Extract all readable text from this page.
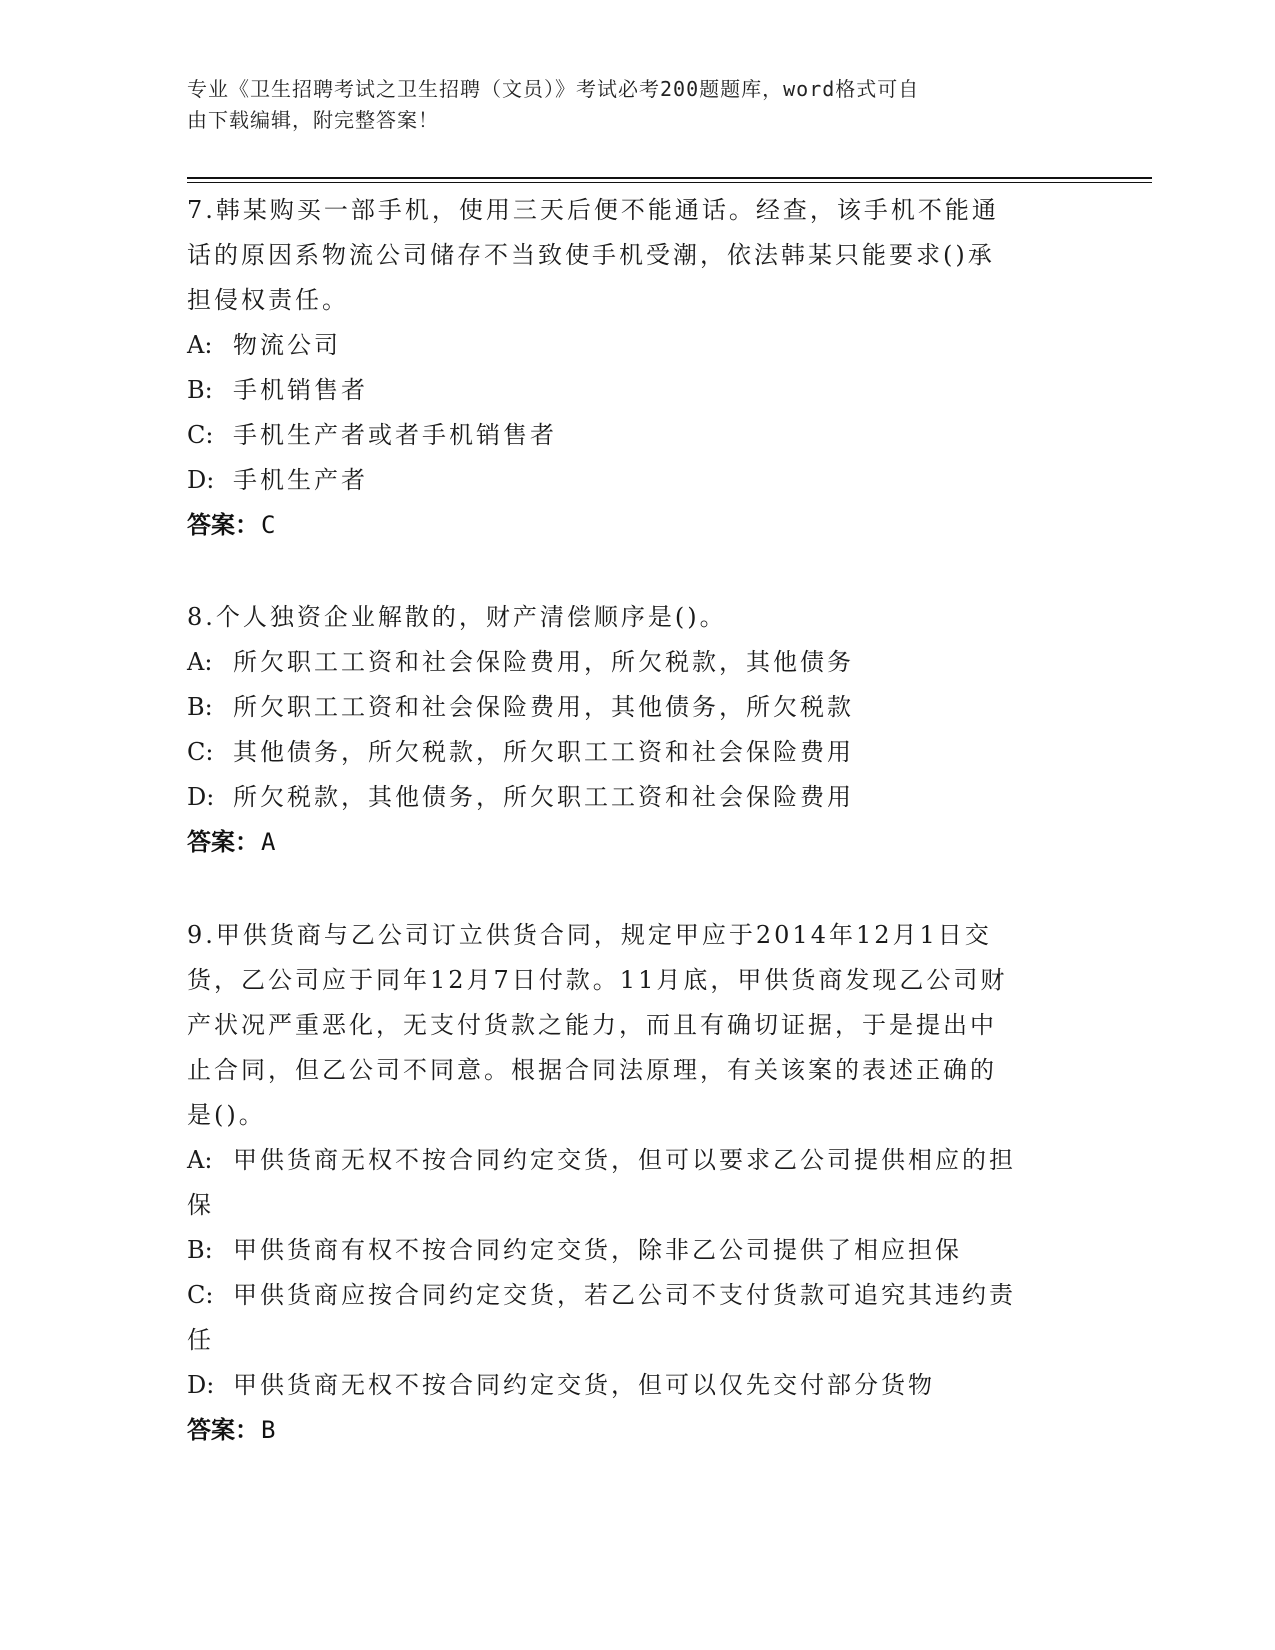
专业《卫生招聘考试之卫生招聘（文员）》考试必考200题题库，word格式可自

由下载编辑，附完整答案！

7.韩某购买一部手机，使用三天后便不能通话。经查，该手机不能通

话的原因系物流公司储存不当致使手机受潮，依法韩某只能要求()承

担侵权责任。

A: 物流公司

B: 手机销售者

C: 手机生产者或者手机销售者

D: 手机生产者

答案：C

8.个人独资企业解散的，财产清偿顺序是()。

A: 所欠职工工资和社会保险费用，所欠税款，其他债务

B: 所欠职工工资和社会保险费用，其他债务，所欠税款

C: 其他债务，所欠税款，所欠职工工资和社会保险费用

D: 所欠税款，其他债务，所欠职工工资和社会保险费用

答案：A

9.甲供货商与乙公司订立供货合同，规定甲应于2014年12月1日交

货，乙公司应于同年12月7日付款。11月底，甲供货商发现乙公司财

产状况严重恶化，无支付货款之能力，而且有确切证据，于是提出中

止合同，但乙公司不同意。根据合同法原理，有关该案的表述正确的

是()。

A: 甲供货商无权不按合同约定交货，但可以要求乙公司提供相应的担

保

B: 甲供货商有权不按合同约定交货，除非乙公司提供了相应担保

C: 甲供货商应按合同约定交货，若乙公司不支付货款可追究其违约责

任

D: 甲供货商无权不按合同约定交货，但可以仅先交付部分货物

答案：B
